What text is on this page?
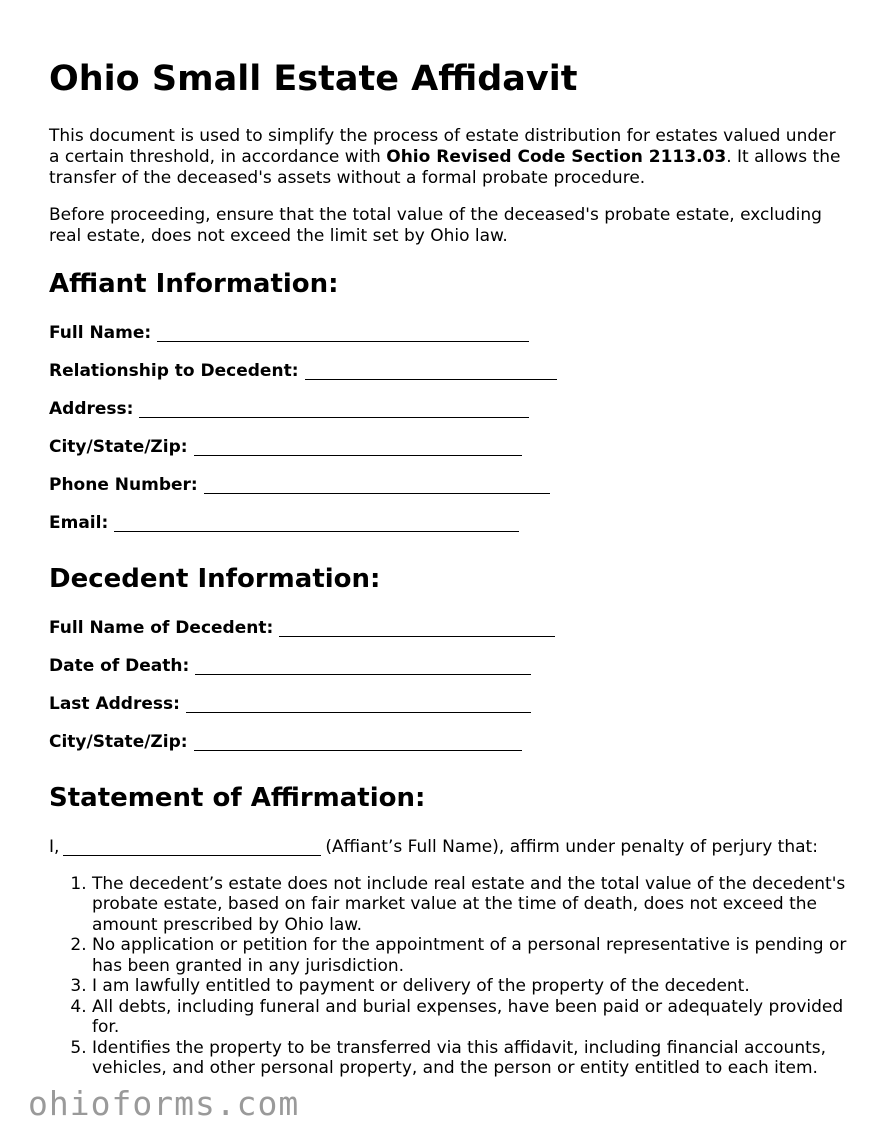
Ohio Small Estate Affidavit

This document is used to simplify the process of estate distribution for estates valued under a certain threshold, in accordance with Ohio Revised Code Section 2113.03. It allows the transfer of the deceased's assets without a formal probate procedure.

Before proceeding, ensure that the total value of the deceased's probate estate, excluding real estate, does not exceed the limit set by Ohio law.

Affiant Information:
Full Name:
Relationship to Decedent:
Address:
City/State/Zip:
Phone Number:
Email:
Decedent Information:
Full Name of Decedent:
Date of Death:
Last Address:
City/State/Zip:
Statement of Affirmation:
I,	(Affiant’s Full Name), affirm under penalty of perjury that:
1. The decedent’s estate does not include real estate and the total value of the decedent's probate estate, based on fair market value at the time of death, does not exceed the amount prescribed by Ohio law.
2. No application or petition for the appointment of a personal representative is pending or has been granted in any jurisdiction.
3. I am lawfully entitled to payment or delivery of the property of the decedent.
4. All debts, including funeral and burial expenses, have been paid or adequately provided for.
5. Identifies the property to be transferred via this affidavit, including financial accounts, vehicles, and other personal property, and the person or entity entitled to each item.
ohioforms.com
